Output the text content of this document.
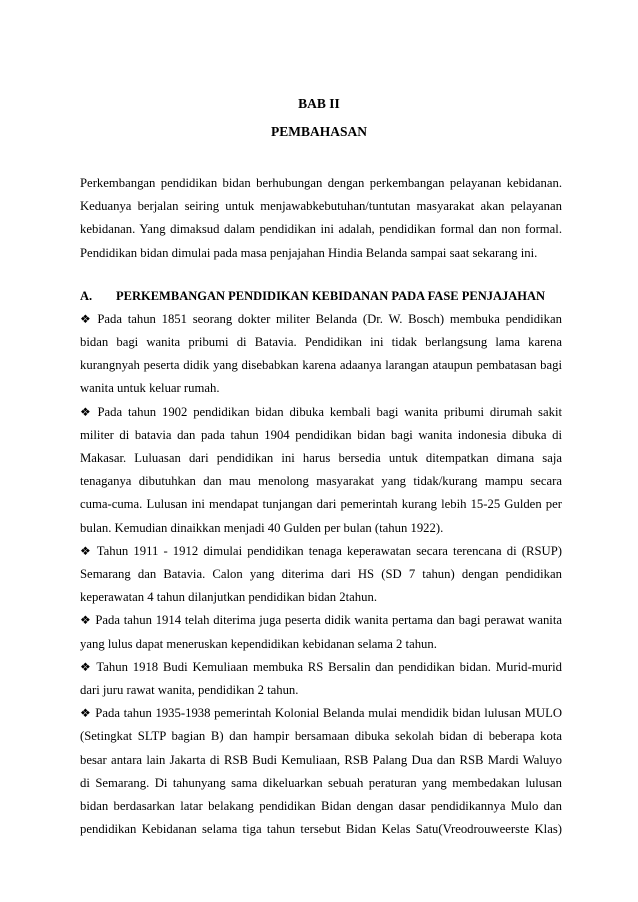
BAB II
PEMBAHASAN

Perkembangan pendidikan bidan berhubungan dengan perkembangan pelayanan kebidanan.

Keduanya berjalan seiring untuk menjawabkebutuhan/tuntutan masyarakat akan pelayanan

kebidanan. Yang dimaksud dalam pendidikan ini adalah, pendidikan formal dan non formal.

Pendidikan bidan dimulai pada masa penjajahan Hindia Belanda sampai saat sekarang ini.

A. PERKEMBANGAN PENDIDIKAN KEBIDANAN PADA FASE PENJAJAHAN

❖ Pada tahun 1851 seorang dokter militer Belanda (Dr. W. Bosch) membuka pendidikan

bidan bagi wanita pribumi di Batavia. Pendidikan ini tidak berlangsung lama karena

kurangnyah peserta didik yang disebabkan karena adaanya larangan ataupun pembatasan bagi

wanita untuk keluar rumah.

❖ Pada tahun 1902 pendidikan bidan dibuka kembali bagi wanita pribumi dirumah sakit

militer di batavia dan pada tahun 1904 pendidikan bidan bagi wanita indonesia dibuka di

Makasar. Luluasan dari pendidikan ini harus bersedia untuk ditempatkan dimana saja

tenaganya dibutuhkan dan mau menolong masyarakat yang tidak/kurang mampu secara

cuma-cuma. Lulusan ini mendapat tunjangan dari pemerintah kurang lebih 15-25 Gulden per

bulan. Kemudian dinaikkan menjadi 40 Gulden per bulan (tahun 1922).

❖ Tahun 1911 - 1912 dimulai pendidikan tenaga keperawatan secara terencana di (RSUP)

Semarang dan Batavia. Calon yang diterima dari HS (SD 7 tahun) dengan pendidikan

keperawatan 4 tahun dilanjutkan pendidikan bidan 2tahun.

❖ Pada tahun 1914 telah diterima juga peserta didik wanita pertama dan bagi perawat wanita

yang lulus dapat meneruskan kependidikan kebidanan selama 2 tahun.

❖ Tahun 1918 Budi Kemuliaan membuka RS Bersalin dan pendidikan bidan. Murid-murid

dari juru rawat wanita, pendidikan 2 tahun.

❖ Pada tahun 1935-1938 pemerintah Kolonial Belanda mulai mendidik bidan lulusan MULO

(Setingkat SLTP bagian B) dan hampir bersamaan dibuka sekolah bidan di beberapa kota

besar antara lain Jakarta di RSB Budi Kemuliaan, RSB Palang Dua dan RSB Mardi Waluyo

di Semarang. Di tahunyang sama dikeluarkan sebuah peraturan yang membedakan lulusan

bidan berdasarkan latar belakang pendidikan Bidan dengan dasar pendidikannya Mulo dan

pendidikan Kebidanan selama tiga tahun tersebut Bidan Kelas Satu(Vreodrouweerste Klas)
